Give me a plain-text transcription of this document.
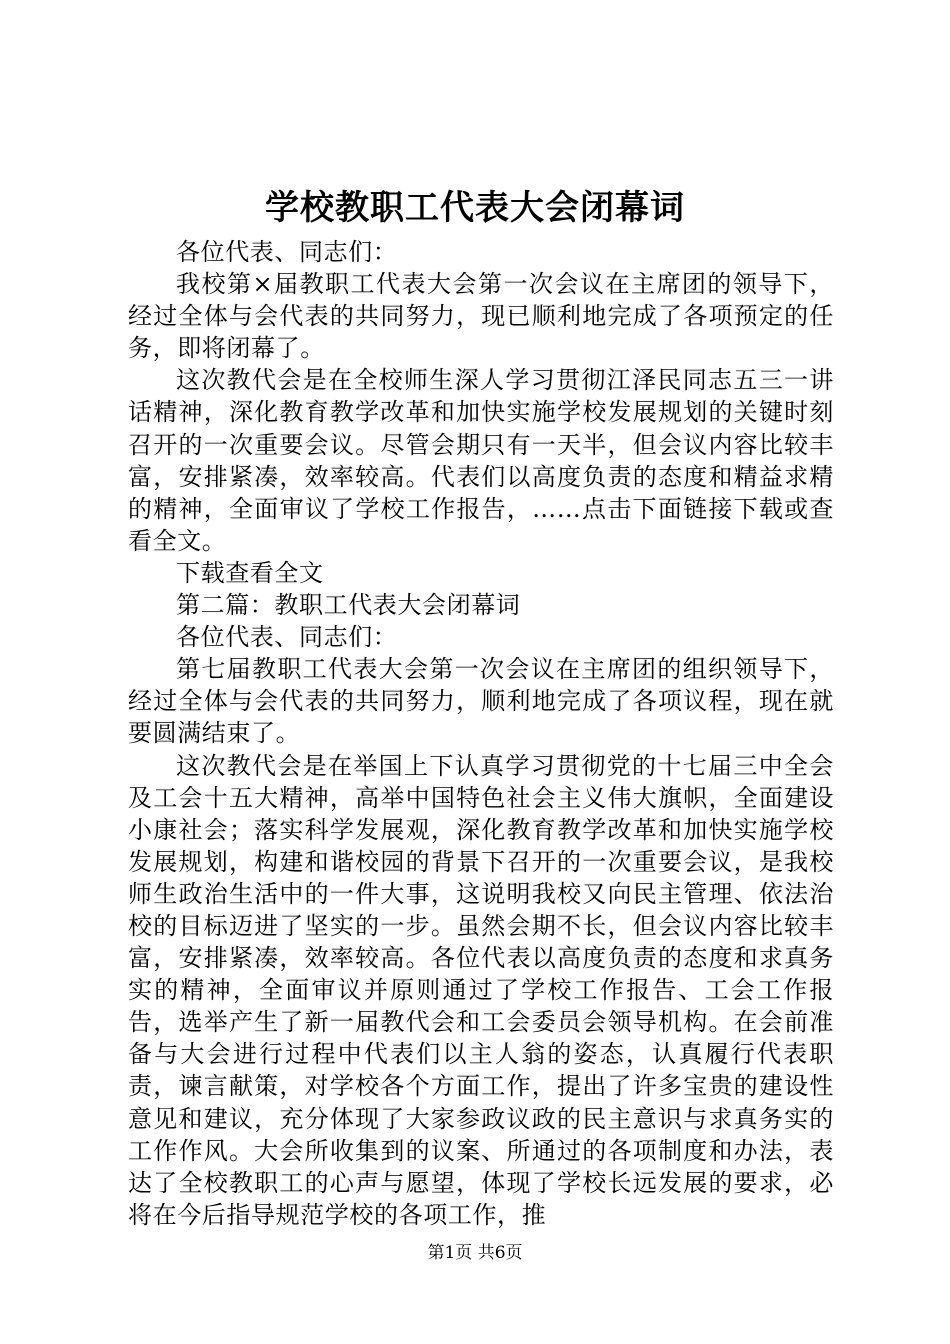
学校教职工代表大会闭幕词

各位代表、同志们：

我校第×届教职工代表大会第一次会议在主席团的领导下，经过全体与会代表的共同努力，现已顺利地完成了各项预定的任务，即将闭幕了。

这次教代会是在全校师生深人学习贯彻江泽民同志五三一讲话精神，深化教育教学改革和加快实施学校发展规划的关键时刻召开的一次重要会议。尽管会期只有一天半，但会议内容比较丰富，安排紧凑，效率较高。代表们以高度负责的态度和精益求精的精神，全面审议了学校工作报告，……点击下面链接下载或查看全文。

下载查看全文

第二篇：教职工代表大会闭幕词

各位代表、同志们：

第七届教职工代表大会第一次会议在主席团的组织领导下，经过全体与会代表的共同努力，顺利地完成了各项议程，现在就要圆满结束了。

这次教代会是在举国上下认真学习贯彻党的十七届三中全会及工会十五大精神，高举中国特色社会主义伟大旗帜，全面建设小康社会；落实科学发展观，深化教育教学改革和加快实施学校发展规划，构建和谐校园的背景下召开的一次重要会议，是我校师生政治生活中的一件大事，这说明我校又向民主管理、依法治校的目标迈进了坚实的一步。虽然会期不长，但会议内容比较丰富，安排紧凑，效率较高。各位代表以高度负责的态度和求真务实的精神，全面审议并原则通过了学校工作报告、工会工作报告，选举产生了新一届教代会和工会委员会领导机构。在会前准备与大会进行过程中代表们以主人翁的姿态，认真履行代表职责，谏言献策，对学校各个方面工作，提出了许多宝贵的建设性意见和建议，充分体现了大家参政议政的民主意识与求真务实的工作作风。大会所收集到的议案、所通过的各项制度和办法，表达了全校教职工的心声与愿望，体现了学校长远发展的要求，必将在今后指导规范学校的各项工作，推

第1页 共6页
